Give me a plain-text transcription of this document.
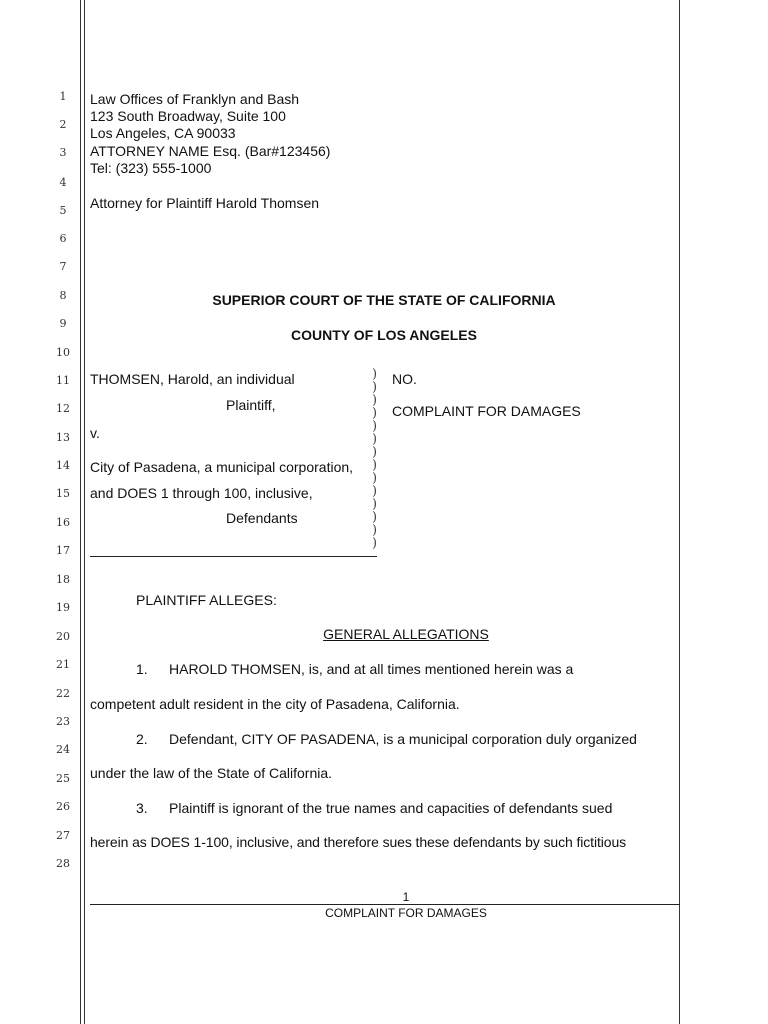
1
2
3
4
5
6
7
8
9
10
11
12
13
14
15
16
17
18
19
20
21
22
23
24
25
26
27
28
Law Offices of Franklyn and Bash
123 South Broadway, Suite 100
Los Angeles, CA 90033
ATTORNEY NAME Esq. (Bar#123456)
Tel: (323) 555-1000
Attorney for Plaintiff Harold Thomsen
SUPERIOR COURT OF THE STATE OF CALIFORNIA
COUNTY OF LOS ANGELES
THOMSEN, Harold, an individual
Plaintiff,
v.
City of Pasadena, a municipal corporation,
and DOES 1 through 100, inclusive,
Defendants
)
)
)
)
)
)
)
)
)
)
)
)
)
)
NO.
COMPLAINT FOR DAMAGES
PLAINTIFF ALLEGES:
GENERAL ALLEGATIONS
1. HAROLD THOMSEN, is, and at all times mentioned herein was a
competent adult resident in the city of Pasadena, California.
2. Defendant, CITY OF PASADENA, is a municipal corporation duly organized
under the law of the State of California.
3. Plaintiff is ignorant of the true names and capacities of defendants sued
herein as DOES 1-100, inclusive, and therefore sues these defendants by such fictitious
1
COMPLAINT FOR DAMAGES
